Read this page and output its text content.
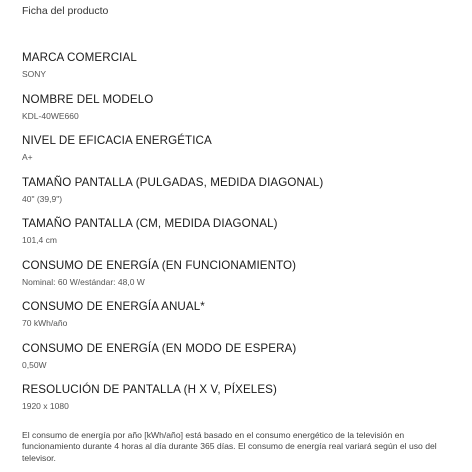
Ficha del producto
MARCA COMERCIAL
SONY
NOMBRE DEL MODELO
KDL-40WE660
NIVEL DE EFICACIA ENERGÉTICA
A+
TAMAÑO PANTALLA (PULGADAS, MEDIDA DIAGONAL)
40" (39,9")
TAMAÑO PANTALLA (CM, MEDIDA DIAGONAL)
101,4 cm
CONSUMO DE ENERGÍA (EN FUNCIONAMIENTO)
Nominal: 60 W/estándar: 48,0 W
CONSUMO DE ENERGÍA ANUAL*
70 kWh/año
CONSUMO DE ENERGÍA (EN MODO DE ESPERA)
0,50W
RESOLUCIÓN DE PANTALLA (H X V, PÍXELES)
1920 x 1080
El consumo de energía por año [kWh/año] está basado en el consumo energético de la televisión en funcionamiento durante 4 horas al día durante 365 días. El consumo de energía real variará según el uso del televisor.
